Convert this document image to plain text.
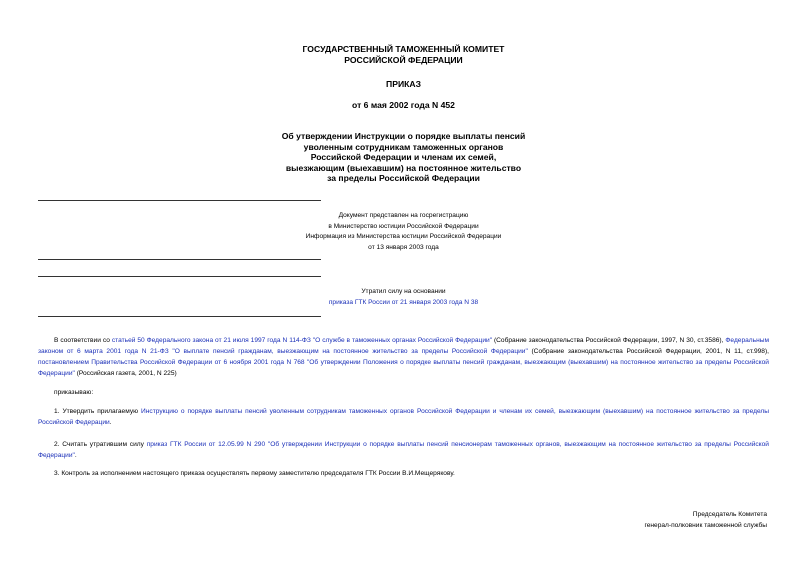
ГОСУДАРСТВЕННЫЙ ТАМОЖЕННЫЙ КОМИТЕТ

РОССИЙСКОЙ ФЕДЕРАЦИИ

ПРИКАЗ
от 6 мая 2002 года N 452

Об утверждении Инструкции о порядке выплаты пенсий

уволенным сотрудникам таможенных органов

Российской Федерации и членам их семей,

выезжающим (выехавшим) на постоянное жительство

за пределы Российской Федерации

Документ представлен на госрегистрацию

в Министерство юстиции Российской Федерации

Информация из Министерства юстиции Российской Федерации

от 13 января 2003 года

Утратил силу на основании

приказа ГТК России от 21 января 2003 года N 38

В соответствии со статьей 50 Федерального закона от 21 июля 1997 года N 114-ФЗ "О службе в таможенных органах Российской Федерации" (Собрание законодательства Российской Федерации, 1997, N 30, ст.3586), Федеральным законом от 6 марта 2001 года N 21-ФЗ "О выплате пенсий гражданам, выезжающим на постоянное жительство за пределы Российской Федерации" (Собрание законодательства Российской Федерации, 2001, N 11, ст.998), постановлением Правительства Российской Федерации от 6 ноября 2001 года N 768 "Об утверждении Положения о порядке выплаты пенсий гражданам, выезжающим (выехавшим) на постоянное жительство за пределы Российской Федерации" (Российская газета, 2001, N 225)
приказываю:
1. Утвердить прилагаемую Инструкцию о порядке выплаты пенсий уволенным сотрудникам таможенных органов Российской Федерации и членам их семей, выезжающим (выехавшим) на постоянное жительство за пределы Российской Федерации.
2. Считать утратившим силу приказ ГТК России от 12.05.99 N 290 "Об утверждении Инструкции о порядке выплаты пенсий пенсионерам таможенных органов, выезжающим на постоянное жительство за пределы Российской Федерации".
3. Контроль за исполнением настоящего приказа осуществлять первому заместителю председателя ГТК России В.И.Мещерякову.

Председатель Комитета

генерал-полковник таможенной службы
